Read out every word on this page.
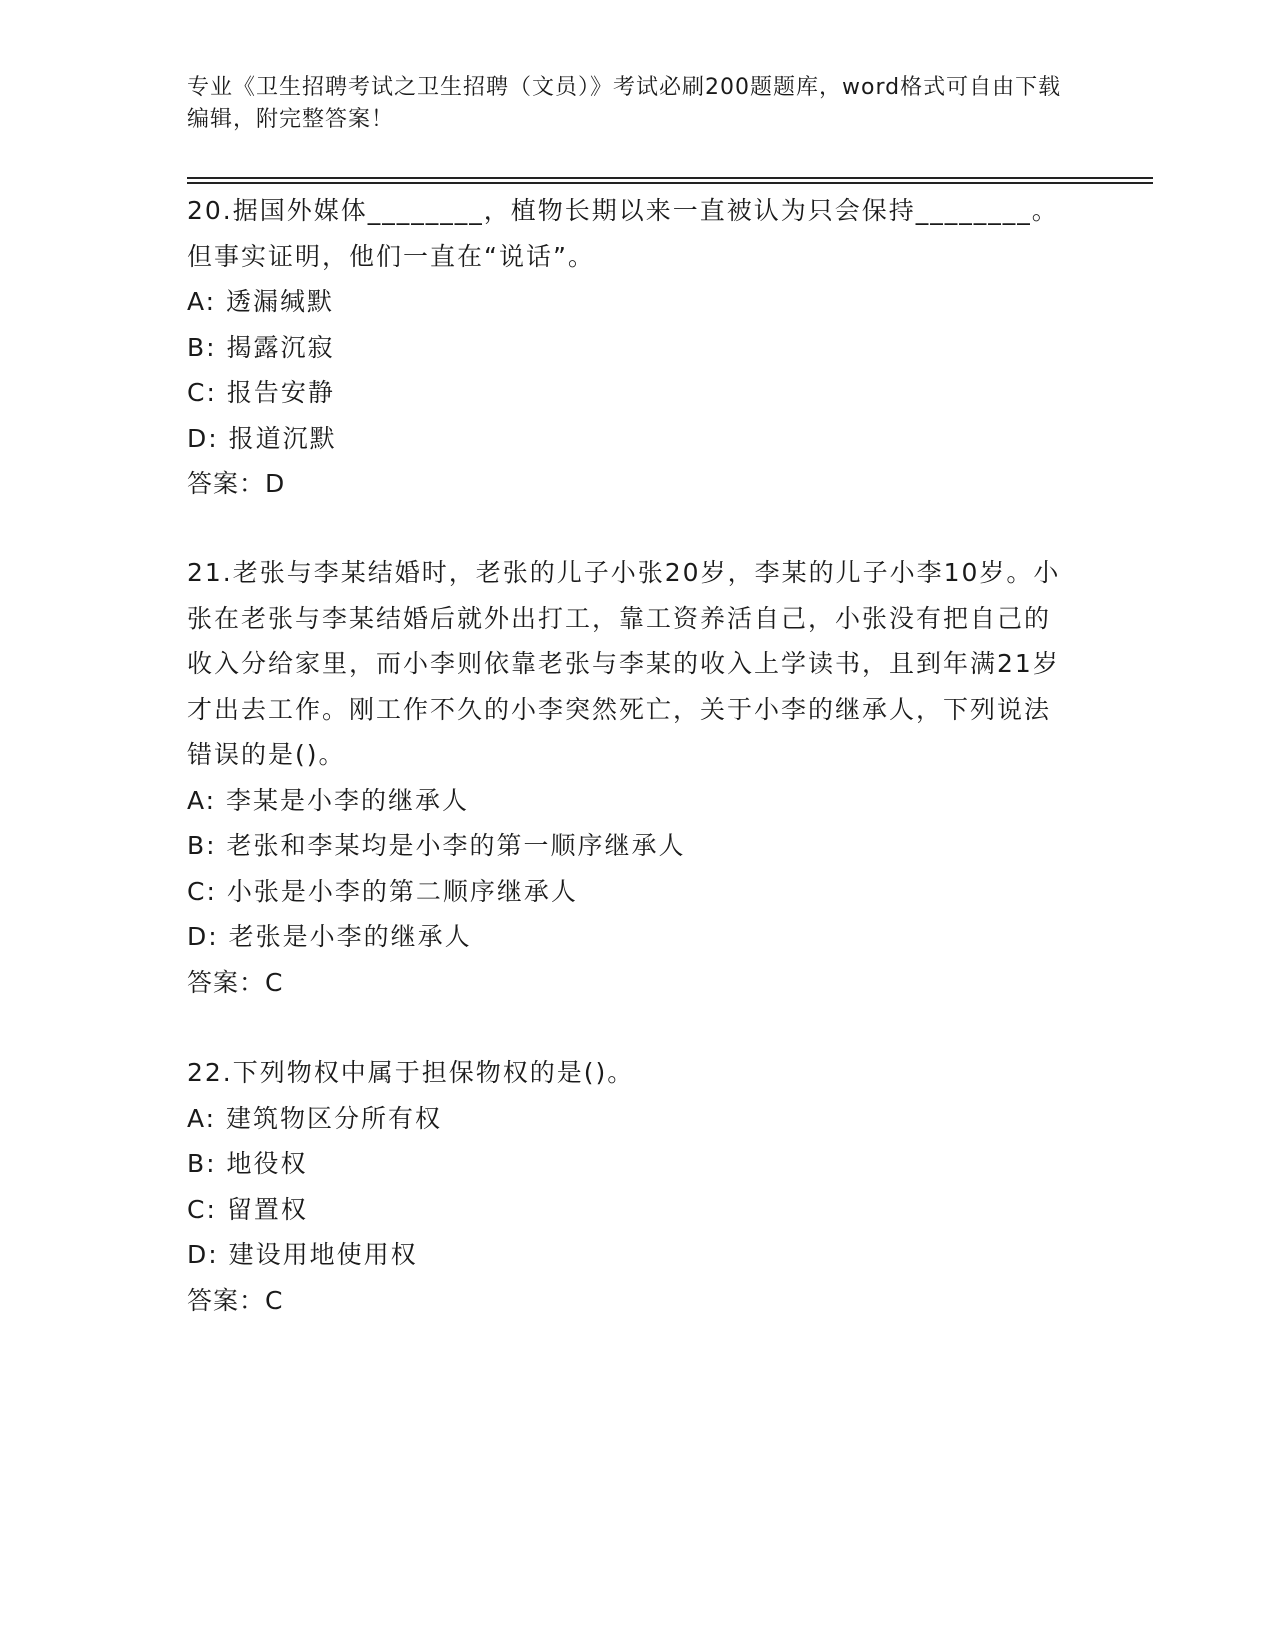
专业《卫生招聘考试之卫生招聘（文员）》考试必刷200题题库，word格式可自由下载编辑，附完整答案！

20.据国外媒体________，植物长期以来一直被认为只会保持________。但事实证明，他们一直在“说话”。

A: 透漏缄默

B: 揭露沉寂

C: 报告安静

D: 报道沉默

答案：D

21.老张与李某结婚时，老张的儿子小张20岁，李某的儿子小李10岁。小张在老张与李某结婚后就外出打工，靠工资养活自己，小张没有把自己的收入分给家里，而小李则依靠老张与李某的收入上学读书，且到年满21岁才出去工作。刚工作不久的小李突然死亡，关于小李的继承人，下列说法错误的是()。

A: 李某是小李的继承人

B: 老张和李某均是小李的第一顺序继承人

C: 小张是小李的第二顺序继承人

D: 老张是小李的继承人

答案：C

22.下列物权中属于担保物权的是()。

A: 建筑物区分所有权

B: 地役权

C: 留置权

D: 建设用地使用权

答案：C
